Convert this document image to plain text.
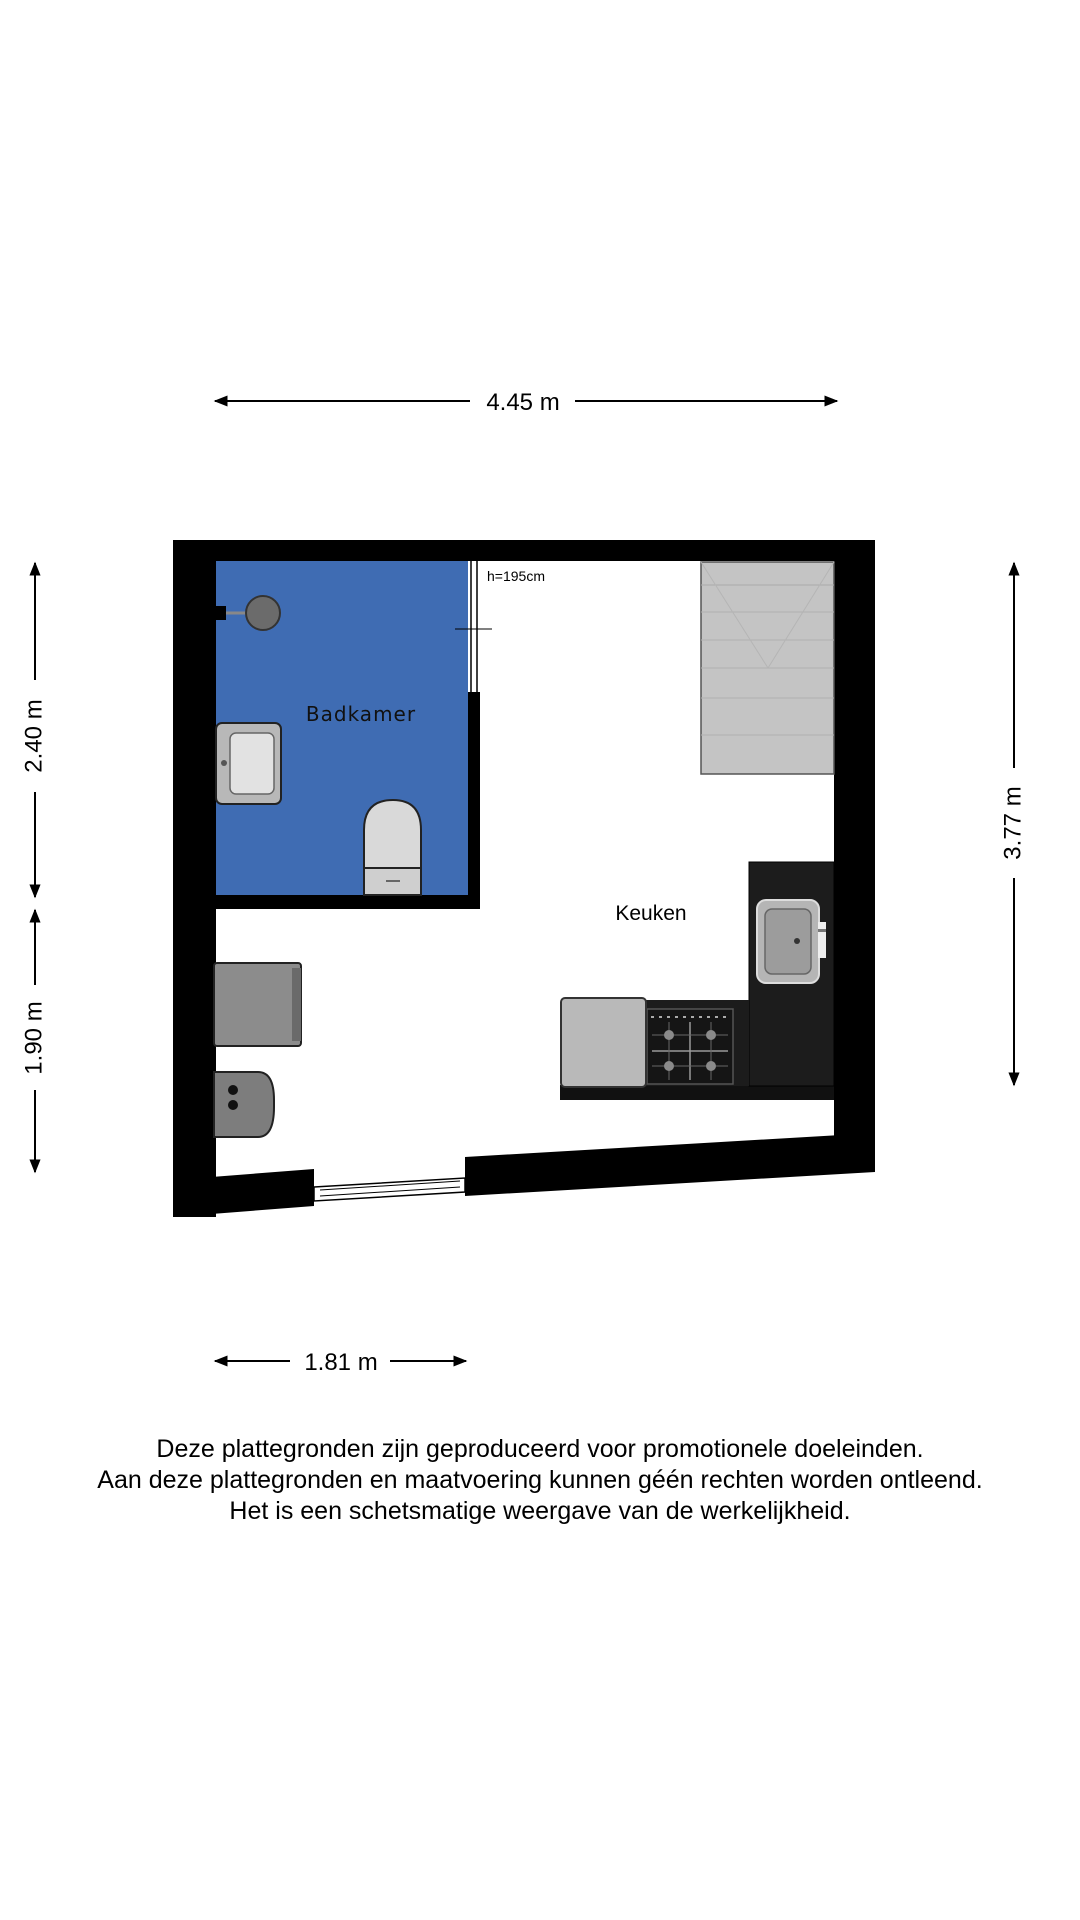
4.45 m
2.40 m
1.90 m
3.77 m
1.81 m
Badkamer
h=195cm
Keuken
Deze plattegronden zijn geproduceerd voor promotionele doeleinden.
Aan deze plattegronden en maatvoering kunnen géén rechten worden ontleend.
Het is een schetsmatige weergave van de werkelijkheid.
